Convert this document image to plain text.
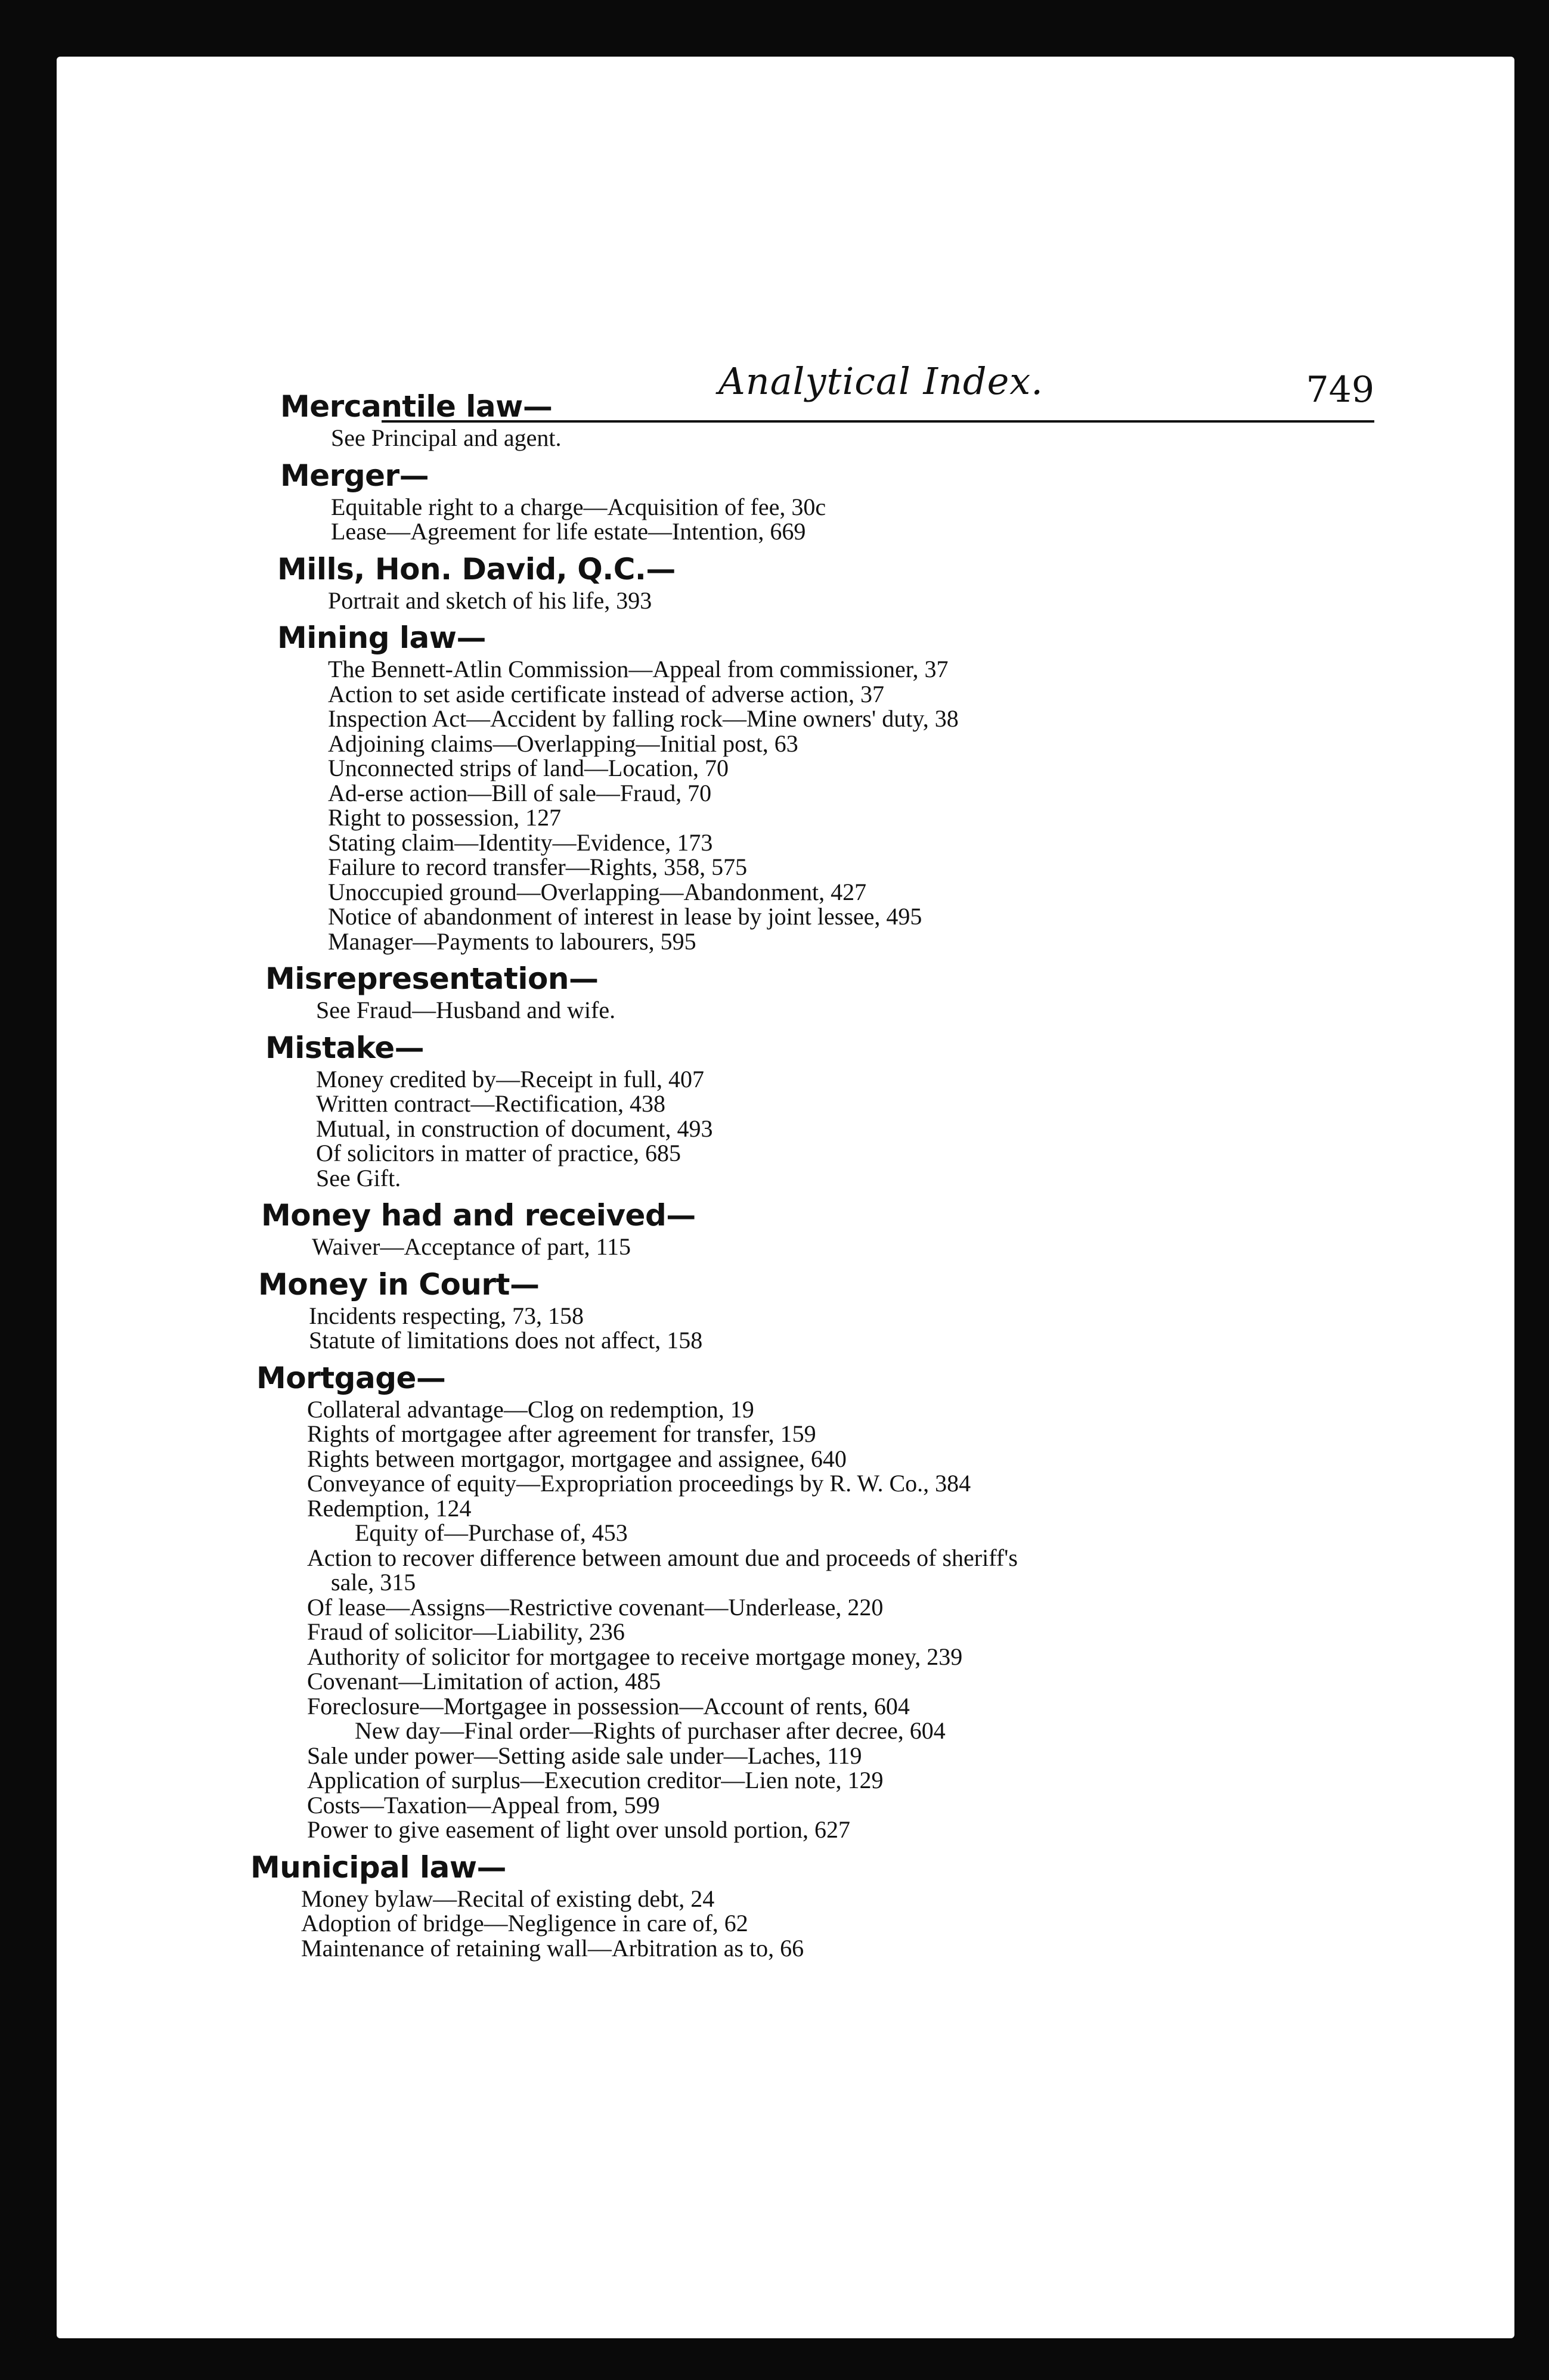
Analytical Index.	749
Mercantile law—
See Principal and agent.
Merger—
Equitable right to a charge—Acquisition of fee, 30c
Lease—Agreement for life estate—Intention, 669
Mills, Hon. David, Q.C.—
Portrait and sketch of his life, 393
Mining law—
The Bennett-Atlin Commission—Appeal from commissioner, 37
Action to set aside certificate instead of adverse action, 37
Inspection Act—Accident by falling rock—Mine owners' duty, 38
Adjoining claims—Overlapping—Initial post, 63
Unconnected strips of land—Location, 70
Ad‑erse action—Bill of sale—Fraud, 70
Right to possession, 127
Stating claim—Identity—Evidence, 173
Failure to record transfer—Rights, 358, 575
Unoccupied ground—Overlapping—Abandonment, 427
Notice of abandonment of interest in lease by joint lessee, 495
Manager—Payments to labourers, 595
Misrepresentation—
See Fraud—Husband and wife.
Mistake—
Money credited by—Receipt in full, 407
Written contract—Rectification, 438
Mutual, in construction of document, 493
Of solicitors in matter of practice, 685
See Gift.
Money had and received—
Waiver—Acceptance of part, 115
Money in Court—
Incidents respecting, 73, 158
Statute of limitations does not affect, 158
Mortgage—
Collateral advantage—Clog on redemption, 19
Rights of mortgagee after agreement for transfer, 159
Rights between mortgagor, mortgagee and assignee, 640
Conveyance of equity—Expropriation proceedings by R. W. Co., 384
Redemption, 124
Equity of—Purchase of, 453
Action to recover difference between amount due and proceeds of sheriff's
sale, 315
Of lease—Assigns—Restrictive covenant—Underlease, 220
Fraud of solicitor—Liability, 236
Authority of solicitor for mortgagee to receive mortgage money, 239
Covenant—Limitation of action, 485
Foreclosure—Mortgagee in possession—Account of rents, 604
New day—Final order—Rights of purchaser after decree, 604
Sale under power—Setting aside sale under—Laches, 119
Application of surplus—Execution creditor—Lien note, 129
Costs—Taxation—Appeal from, 599
Power to give easement of light over unsold portion, 627
Municipal law—
Money bylaw—Recital of existing debt, 24
Adoption of bridge—Negligence in care of, 62
Maintenance of retaining wall—Arbitration as to, 66
